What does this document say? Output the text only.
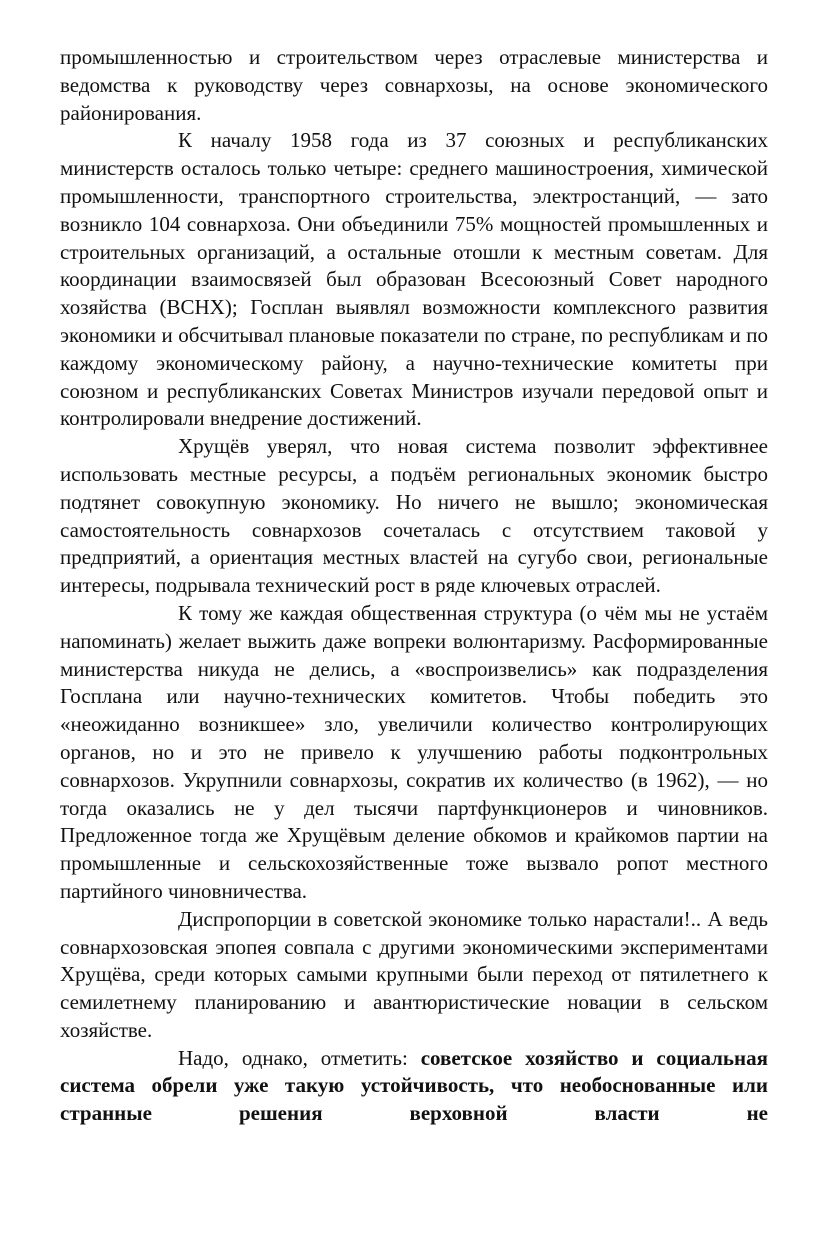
промышленностью и строительством через отраслевые министерства и ведомства к руководству через совнархозы, на основе экономического районирования.

К началу 1958 года из 37 союзных и республиканских министерств осталось только четыре: среднего машиностроения, химической промышленности, транспортного строительства, электростанций, — зато возникло 104 совнархоза. Они объединили 75% мощностей промышленных и строительных организаций, а остальные отошли к местным советам. Для координации взаимосвязей был образован Всесоюзный Совет народного хозяйства (ВСНХ); Госплан выявлял возможности комплексного развития экономики и обсчитывал плановые показатели по стране, по республикам и по каждому экономическому району, а научно-технические комитеты при союзном и республиканских Советах Министров изучали передовой опыт и контролировали внедрение достижений.

Хрущёв уверял, что новая система позволит эффективнее использовать местные ресурсы, а подъём региональных экономик быстро подтянет совокупную экономику. Но ничего не вышло; экономическая самостоятельность совнархозов сочеталась с отсутствием таковой у предприятий, а ориентация местных властей на сугубо свои, региональные интересы, подрывала технический рост в ряде ключевых отраслей.

К тому же каждая общественная структура (о чём мы не устаём напоминать) желает выжить даже вопреки волюнтаризму. Расформированные министерства никуда не делись, а «воспроизвелись» как подразделения Госплана или научно-технических комитетов. Чтобы победить это «неожиданно возникшее» зло, увеличили количество контролирующих органов, но и это не привело к улучшению работы подконтрольных совнархозов. Укрупнили совнархозы, сократив их количество (в 1962), — но тогда оказались не у дел тысячи партфункционеров и чиновников. Предложенное тогда же Хрущёвым деление обкомов и крайкомов партии на промышленные и сельскохозяйственные тоже вызвало ропот местного партийного чиновничества.

Диспропорции в советской экономике только нарастали!.. А ведь совнархозовская эпопея совпала с другими экономическими экспериментами Хрущёва, среди которых самыми крупными были переход от пятилетнего к семилетнему планированию и авантюристические новации в сельском хозяйстве.

Надо, однако, отметить: советское хозяйство и социальная система обрели уже такую устойчивость, что необоснованные или странные решения верховной власти не
